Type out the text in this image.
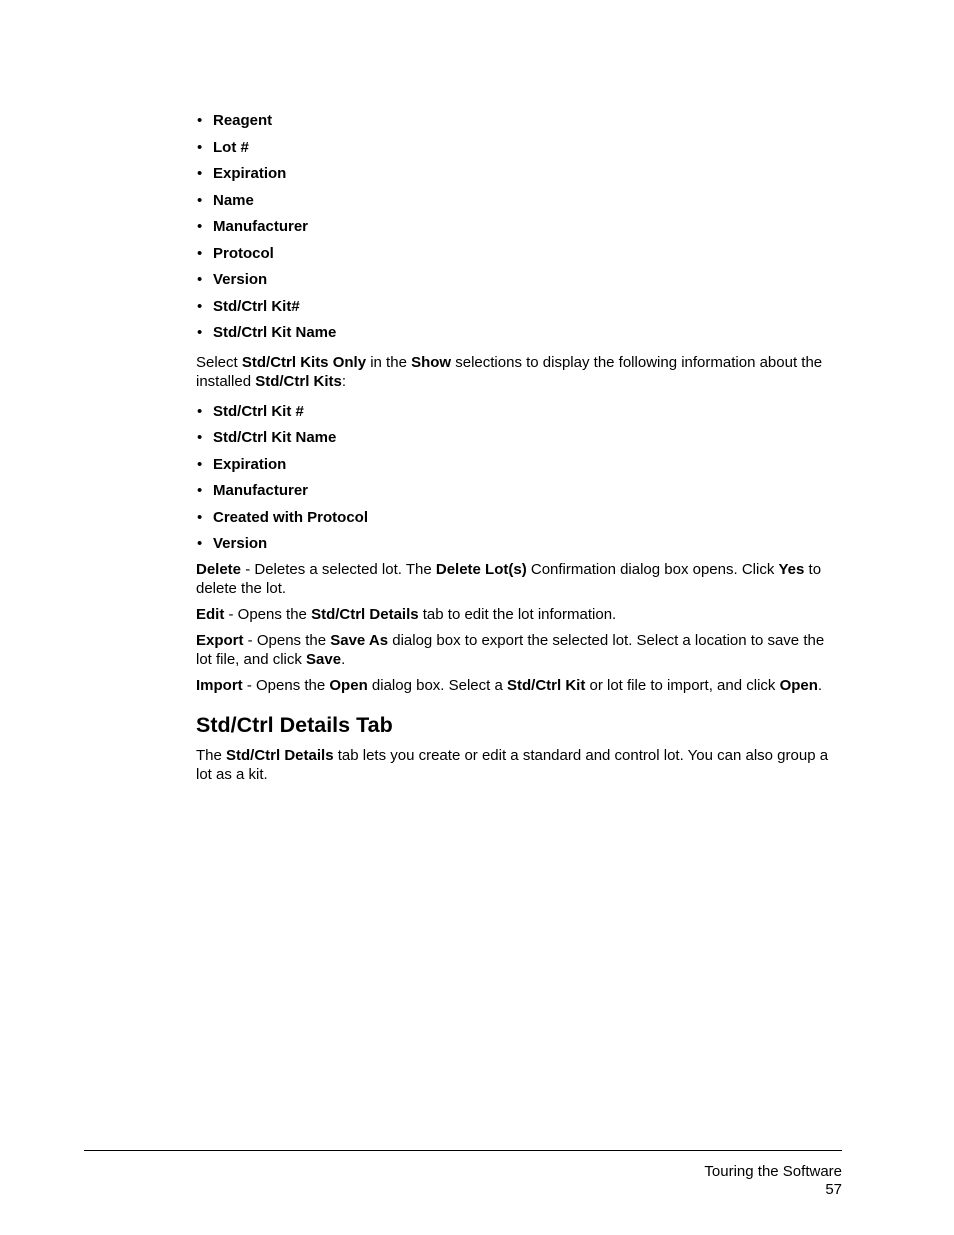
• Reagent
• Lot #
• Expiration
• Name
• Manufacturer
• Protocol
• Version
• Std/Ctrl Kit#
• Std/Ctrl Kit Name

Select Std/Ctrl Kits Only in the Show selections to display the following information about the installed Std/Ctrl Kits:

• Std/Ctrl Kit #
• Std/Ctrl Kit Name
• Expiration
• Manufacturer
• Created with Protocol
• Version

Delete - Deletes a selected lot. The Delete Lot(s) Confirmation dialog box opens. Click Yes to delete the lot.

Edit - Opens the Std/Ctrl Details tab to edit the lot information.

Export - Opens the Save As dialog box to export the selected lot. Select a location to save the lot file, and click Save.

Import - Opens the Open dialog box. Select a Std/Ctrl Kit or lot file to import, and click Open.

Std/Ctrl Details Tab

The Std/Ctrl Details tab lets you create or edit a standard and control lot. You can also group a lot as a kit.

Touring the Software
57
